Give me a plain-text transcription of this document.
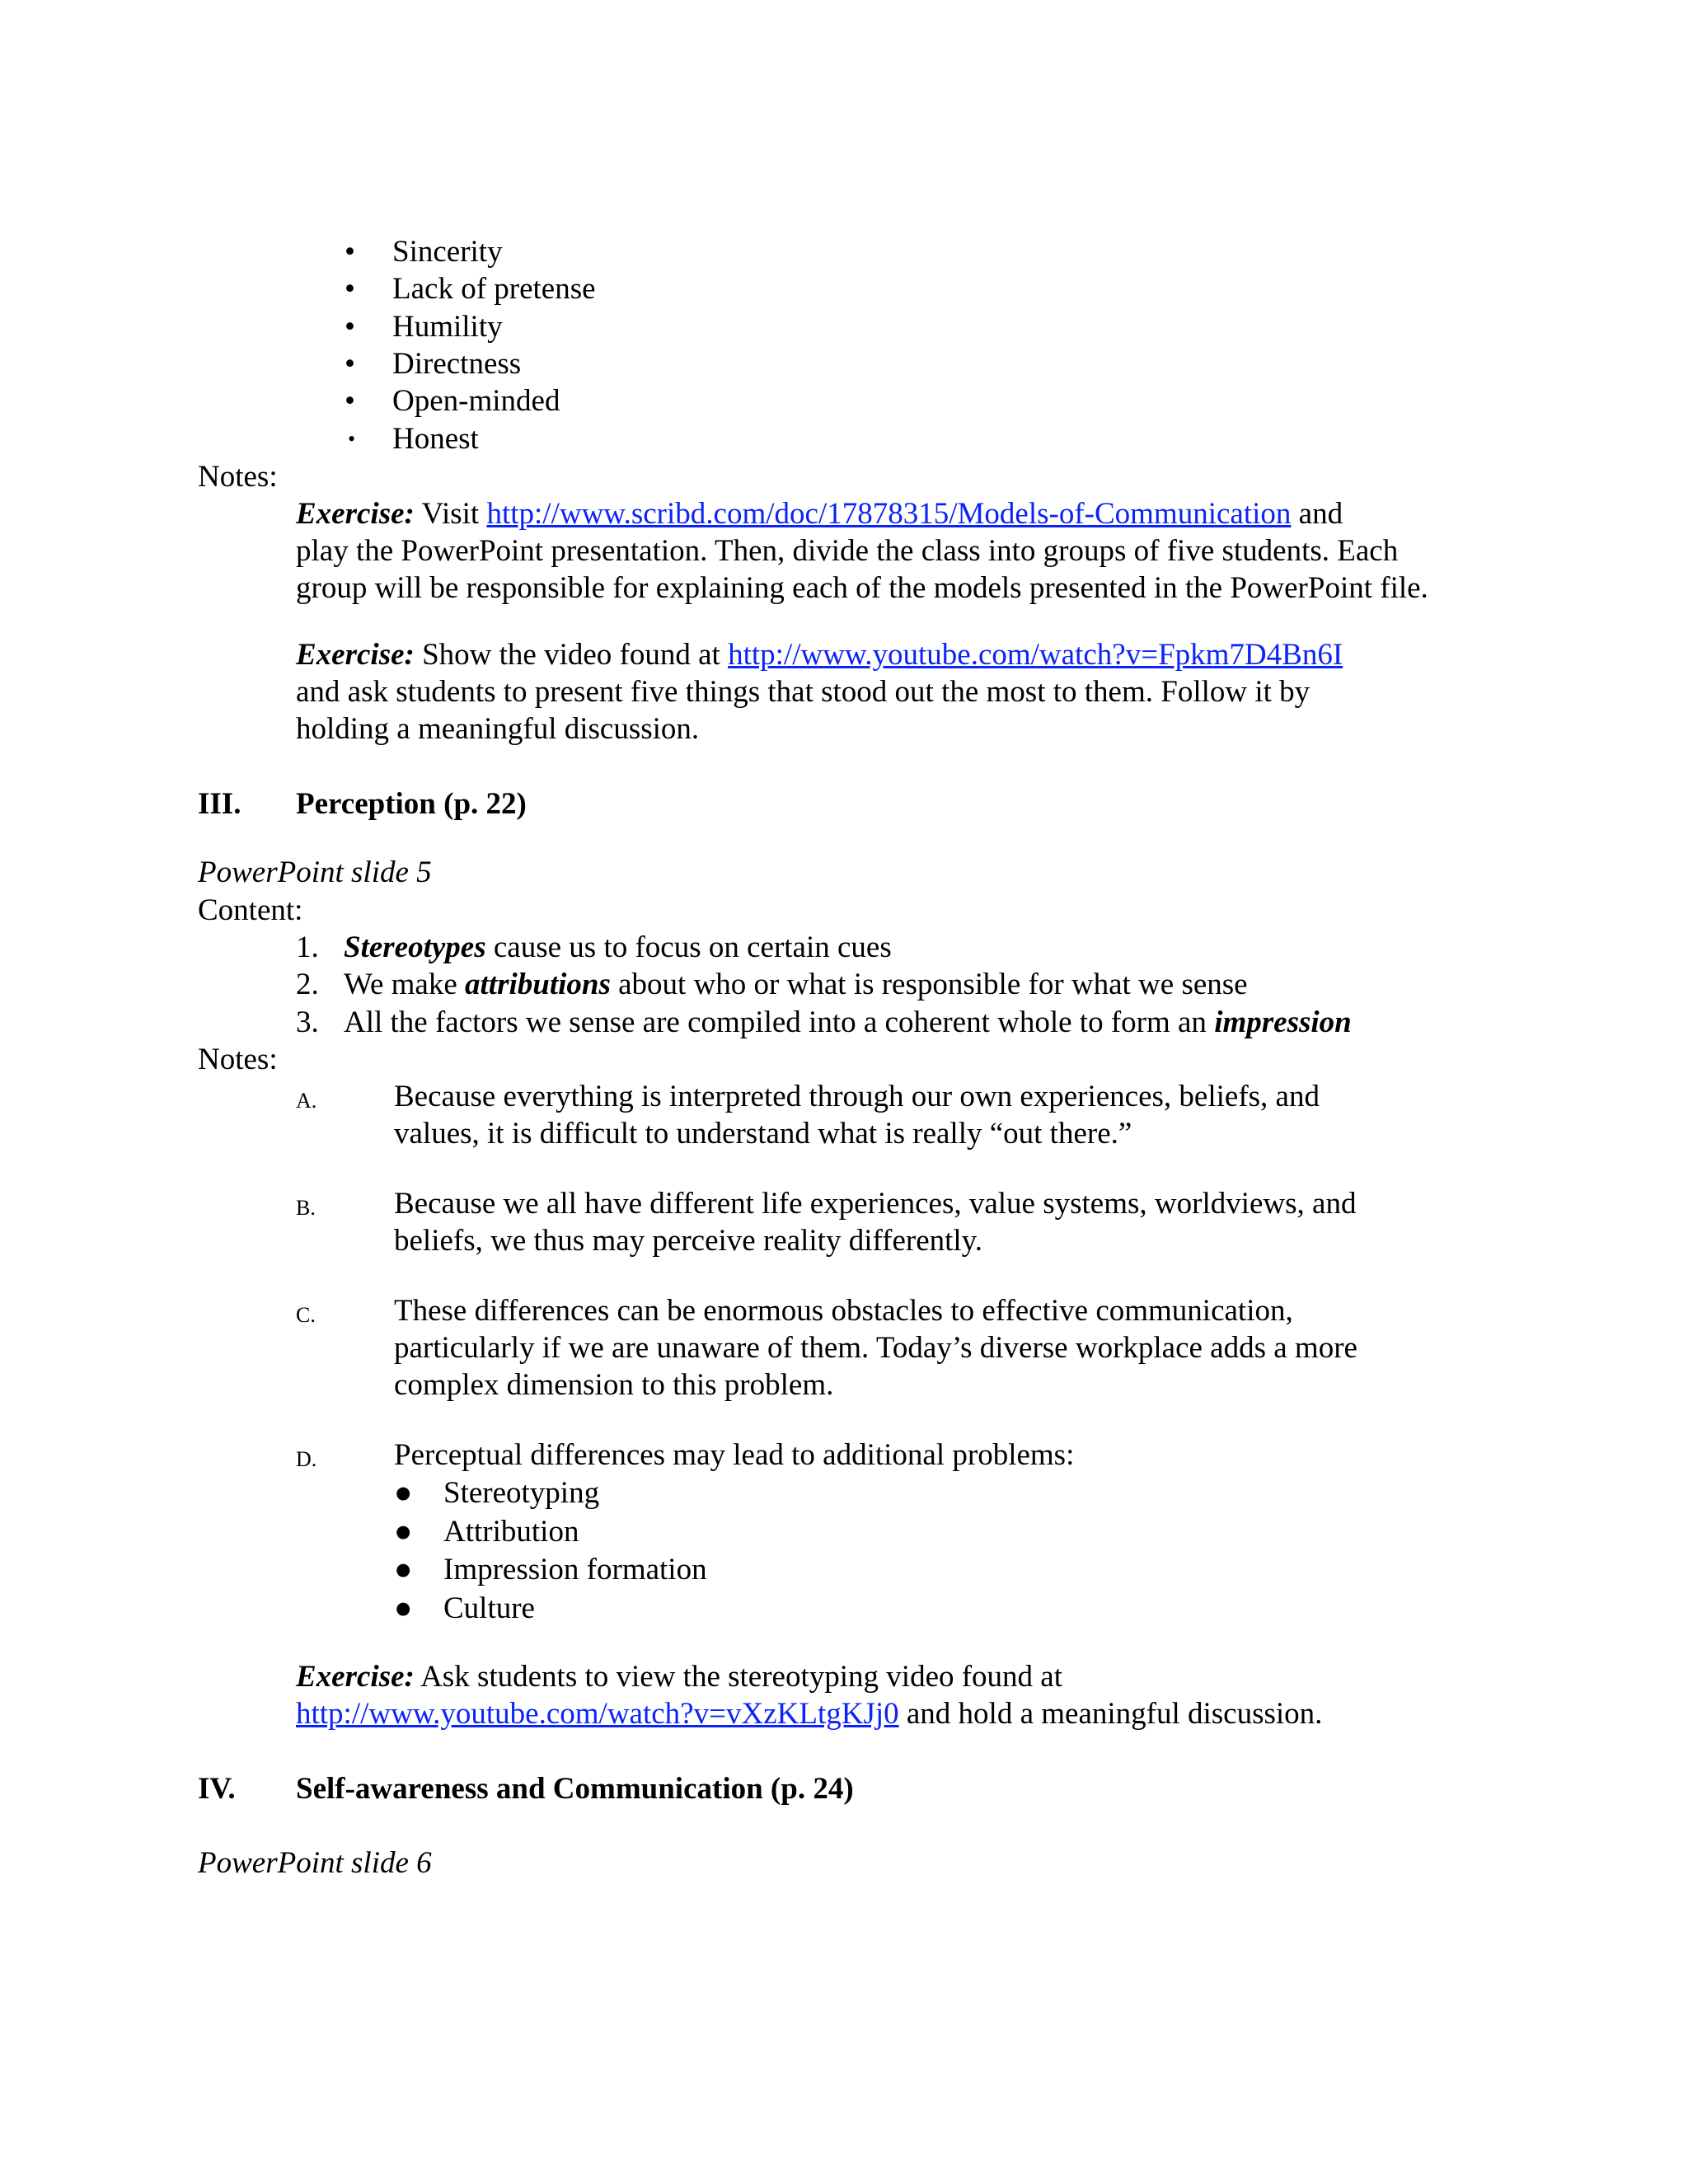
• Sincerity
• Lack of pretense
• Humility
• Directness
• Open-minded
• Honest
Notes:
Exercise: Visit http://www.scribd.com/doc/17878315/Models-of-Communication and
play the PowerPoint presentation. Then, divide the class into groups of five students. Each
group will be responsible for explaining each of the models presented in the PowerPoint file.
Exercise: Show the video found at http://www.youtube.com/watch?v=Fpkm7D4Bn6I
and ask students to present five things that stood out the most to them. Follow it by
holding a meaningful discussion.
III. Perception (p. 22)
PowerPoint slide 5
Content:
1. Stereotypes cause us to focus on certain cues
2. We make attributions about who or what is responsible for what we sense
3. All the factors we sense are compiled into a coherent whole to form an impression
Notes:
A.	Because everything is interpreted through our own experiences, beliefs, and
values, it is difficult to understand what is really “out there.”
B.	Because we all have different life experiences, value systems, worldviews, and
beliefs, we thus may perceive reality differently.
C.	These differences can be enormous obstacles to effective communication,
particularly if we are unaware of them. Today’s diverse workplace adds a more
complex dimension to this problem.
D.	Perceptual differences may lead to additional problems:
● Stereotyping
● Attribution
● Impression formation
● Culture
Exercise: Ask students to view the stereotyping video found at
http://www.youtube.com/watch?v=vXzKLtgKJj0 and hold a meaningful discussion.
IV. Self-awareness and Communication (p. 24)
PowerPoint slide 6
